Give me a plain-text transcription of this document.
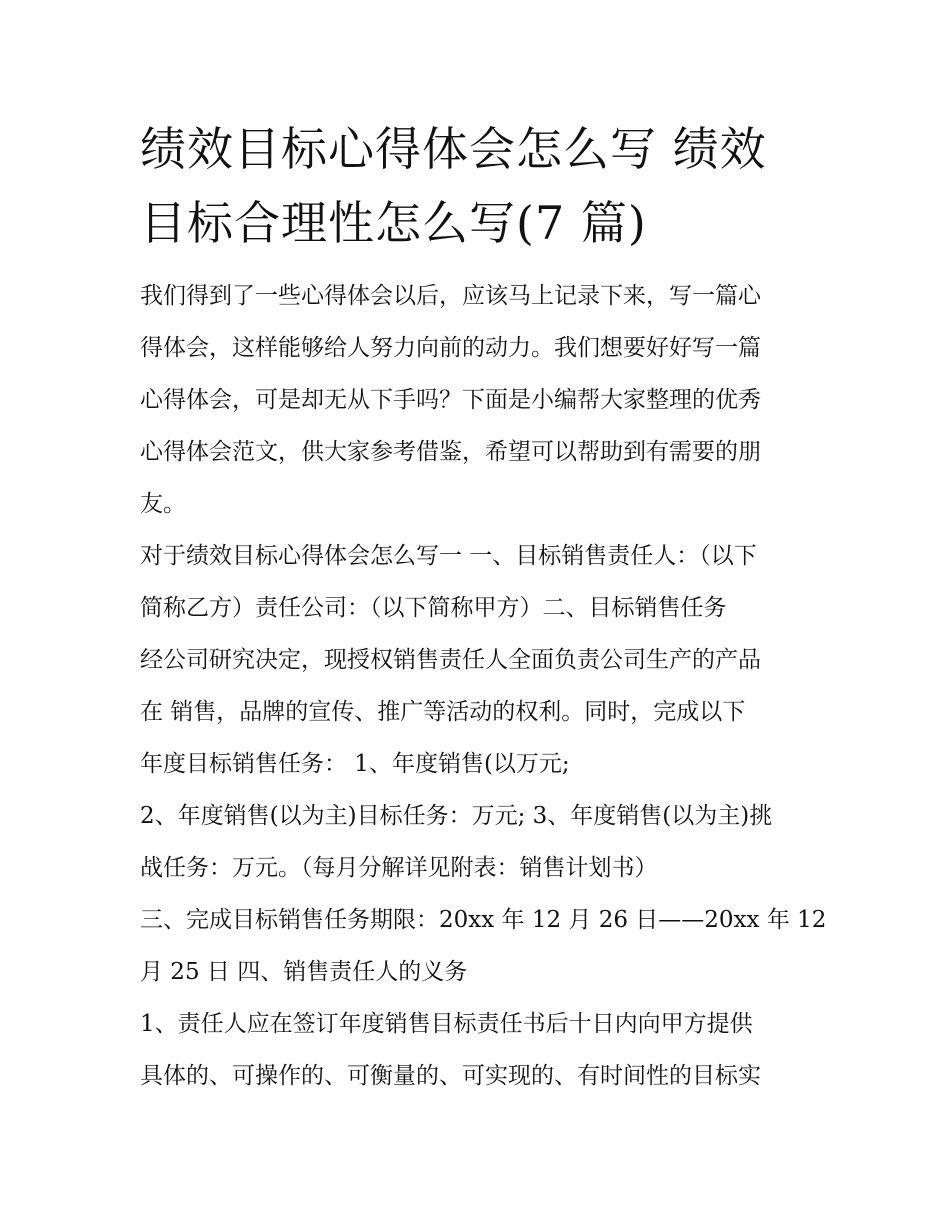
绩效目标心得体会怎么写 绩效
目标合理性怎么写(7 篇)

我们得到了一些心得体会以后，应该马上记录下来，写一篇心

得体会，这样能够给人努力向前的动力。我们想要好好写一篇

心得体会，可是却无从下手吗？下面是小编帮大家整理的优秀

心得体会范文，供大家参考借鉴，希望可以帮助到有需要的朋

友。

对于绩效目标心得体会怎么写一 一、目标销售责任人：（以下

简称乙方）责任公司：（以下简称甲方）二、目标销售任务

经公司研究决定，现授权销售责任人全面负责公司生产的产品

在 销售，品牌的宣传、推广等活动的权利。同时，完成以下

年度目标销售任务： 1、年度销售(以万元;

2、年度销售(以为主)目标任务：万元; 3、年度销售(以为主)挑

战任务：万元。（每月分解详见附表：销售计划书）

三、完成目标销售任务期限：20xx 年 12 月 26 日——20xx 年 12

月 25 日 四、销售责任人的义务

1、责任人应在签订年度销售目标责任书后十日内向甲方提供

具体的、可操作的、可衡量的、可实现的、有时间性的目标实
